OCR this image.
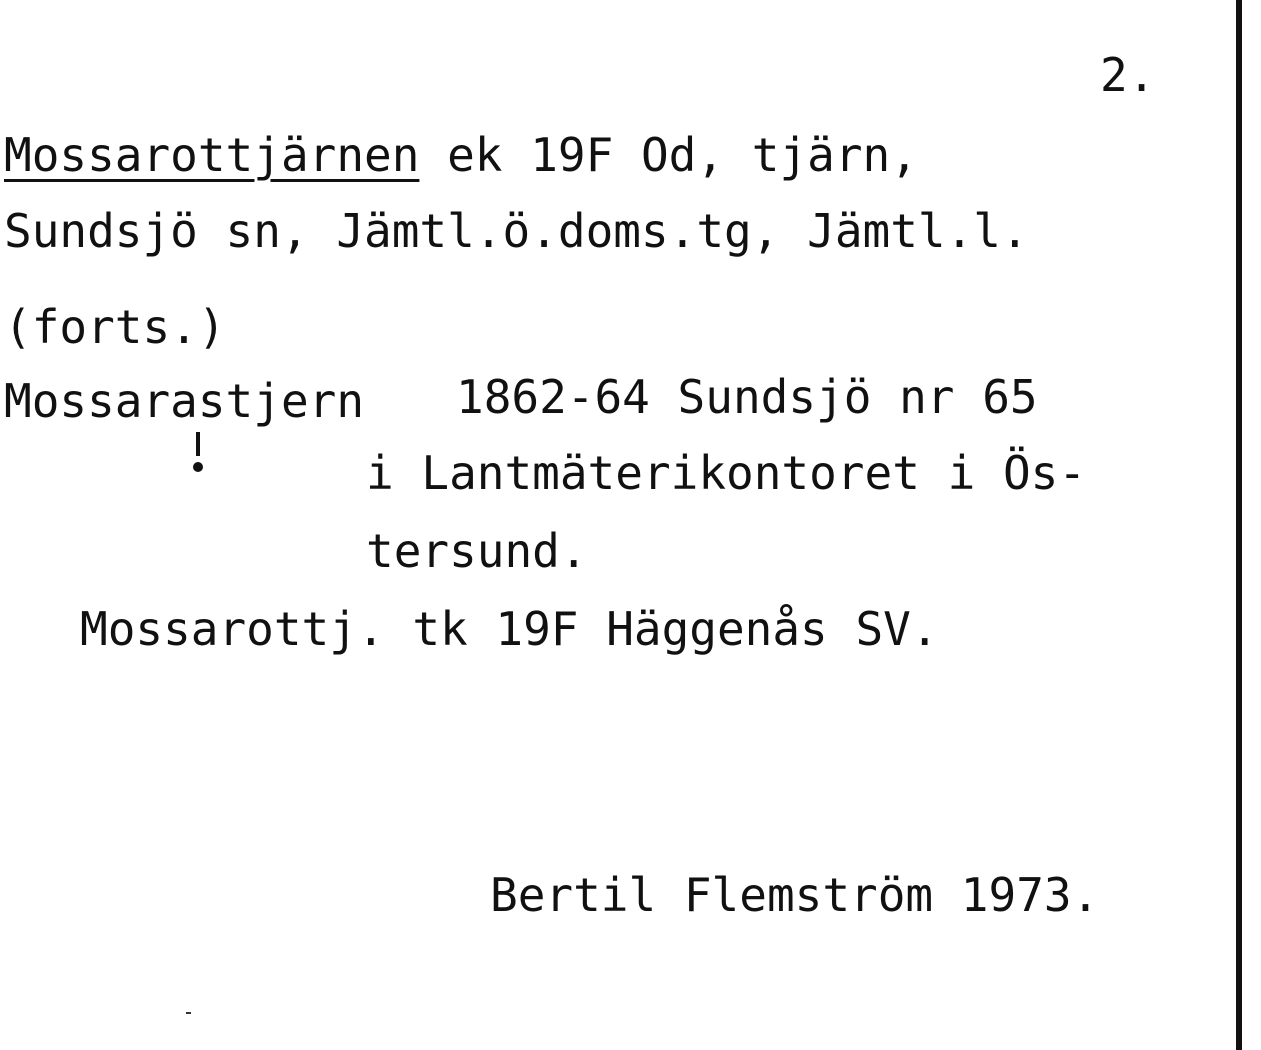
2.
Mossarottjärnen ek 19F Od, tjärn,
Sundsjö sn, Jämtl.ö.doms.tg, Jämtl.l.
(forts.)
Mossarastjern 1862-64 Sundsjö nr 65
i Lantmäterikontoret i Ös-
tersund.
Mossarottj. tk 19F Häggenås SV.
Bertil Flemström 1973.
